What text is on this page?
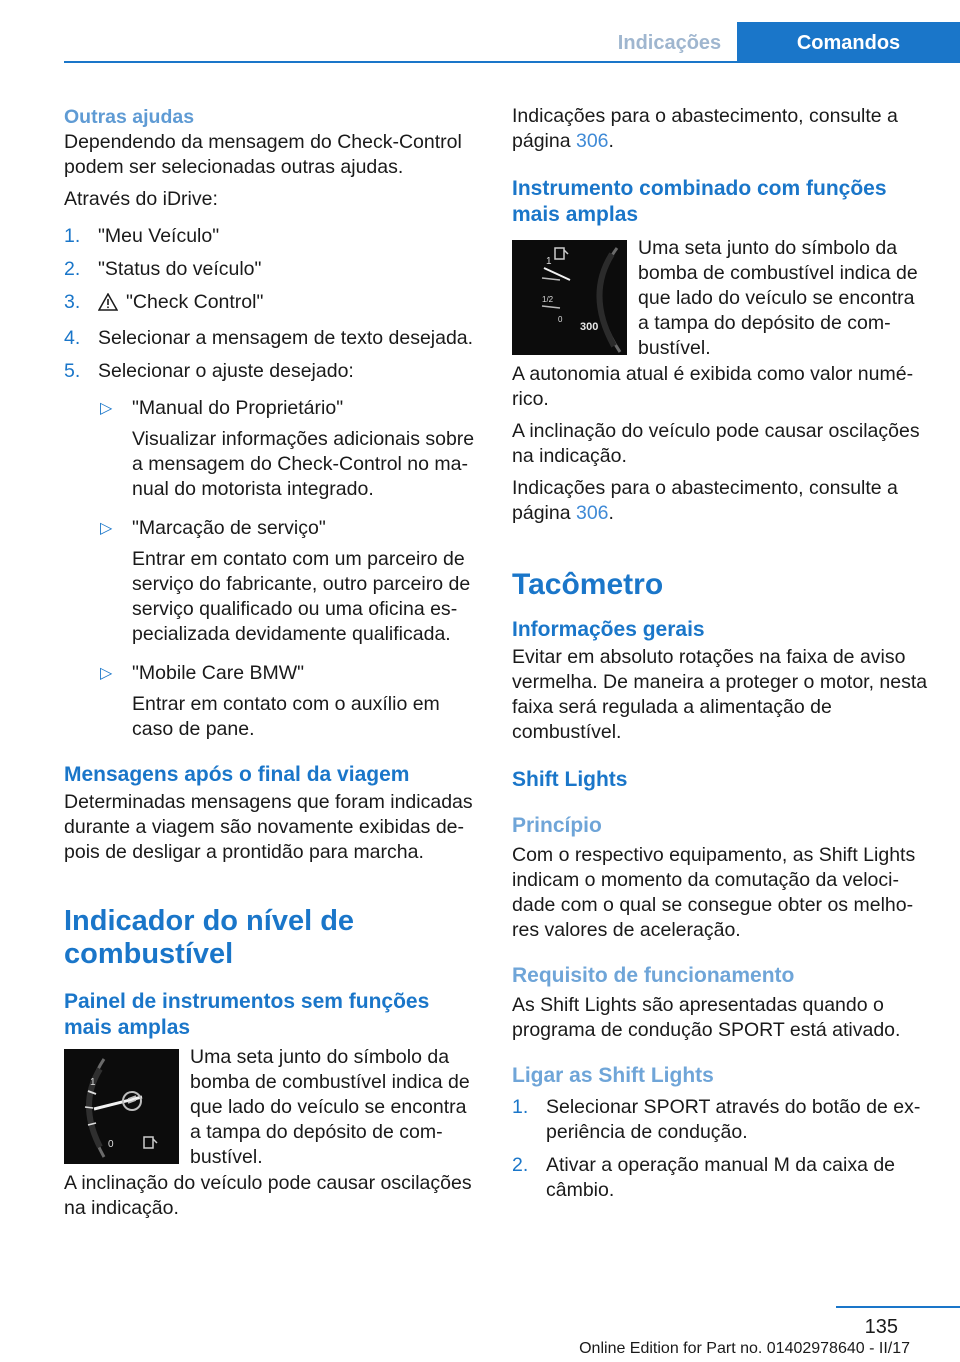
Indicações	Comandos
Outras ajudas

Dependendo da mensagem do Check-Control podem ser selecionadas outras ajudas.

Através do iDrive:

1. "Meu Veículo"
2. "Status do veículo"
3. "Check Control"
4. Selecionar a mensagem de texto desejada.
5. Selecionar o ajuste desejado:
▷ "Manual do Proprietário"
Visualizar informações adicionais sobre a mensagem do Check-Control no manual do motorista integrado.
▷ "Marcação de serviço"
Entrar em contato com um parceiro de serviço do fabricante, outro parceiro de serviço qualificado ou uma oficina especializada devidamente qualificada.
▷ "Mobile Care BMW"
Entrar em contato com o auxílio em caso de pane.
Mensagens após o final da viagem

Determinadas mensagens que foram indicadas durante a viagem são novamente exibidas depois de desligar a prontidão para marcha.

Indicador do nível de combustível
Painel de instrumentos sem funções mais amplas
1
0
Uma seta junto do símbolo da bomba de combustível indica de que lado do veículo se encontra a tampa do depósito de combustível.

A inclinação do veículo pode causar oscilações na indicação.

Indicações para o abastecimento, consulte a página 306.

Instrumento combinado com funções mais amplas
1
1/2
0
300
Uma seta junto do símbolo da bomba de combustível indica de que lado do veículo se encontra a tampa do depósito de combustível.

A autonomia atual é exibida como valor numérico.

A inclinação do veículo pode causar oscilações na indicação.

Indicações para o abastecimento, consulte a página 306.

Tacômetro
Informações gerais

Evitar em absoluto rotações na faixa de aviso vermelha. De maneira a proteger o motor, nesta faixa será regulada a alimentação de combustível.

Shift Lights
Princípio

Com o respectivo equipamento, as Shift Lights indicam o momento da comutação da velocidade com o qual se consegue obter os melhores valores de aceleração.

Requisito de funcionamento

As Shift Lights são apresentadas quando o programa de condução SPORT está ativado.

Ligar as Shift Lights
1. Selecionar SPORT através do botão de experiência de condução.
2. Ativar a operação manual M da caixa de câmbio.
135
Online Edition for Part no. 01402978640 - II/17
